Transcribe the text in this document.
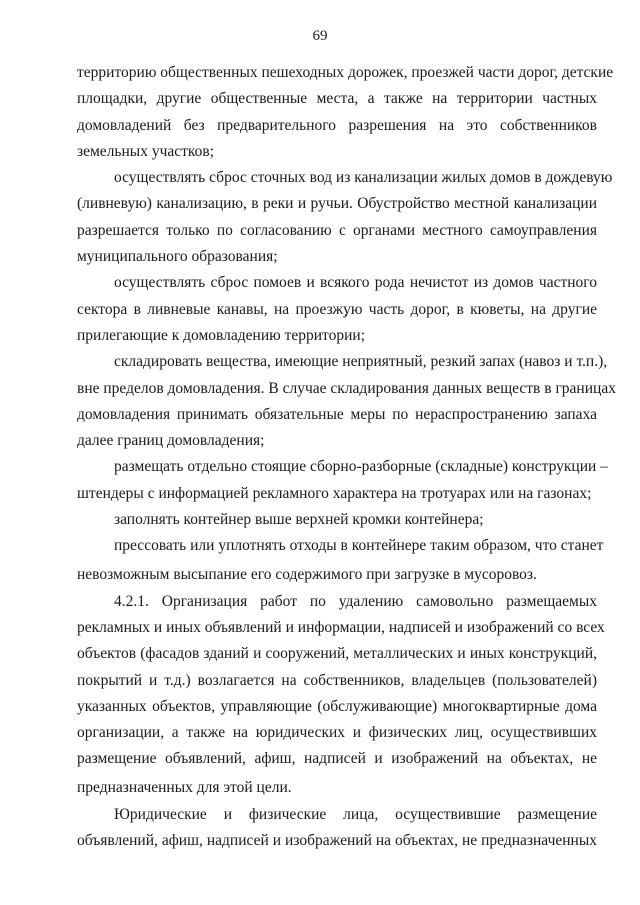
69
территорию общественных пешеходных дорожек, проезжей части дорог, детские
площадки, другие общественные места, а также на территории частных
домовладений без предварительного разрешения на это собственников
земельных участков;
осуществлять сброс сточных вод из канализации жилых домов в дождевую
(ливневую) канализацию, в реки и ручьи. Обустройство местной канализации
разрешается только по согласованию с органами местного самоуправления
муниципального образования;
осуществлять сброс помоев и всякого рода нечистот из домов частного
сектора в ливневые канавы, на проезжую часть дорог, в кюветы, на другие
прилегающие к домовладению территории;
складировать вещества, имеющие неприятный, резкий запах (навоз и т.п.),
вне пределов домовладения. В случае складирования данных веществ в границах
домовладения принимать обязательные меры по нераспространению запаха
далее границ домовладения;
размещать отдельно стоящие сборно-разборные (складные) конструкции –
штендеры с информацией рекламного характера на тротуарах или на газонах;
заполнять контейнер выше верхней кромки контейнера;
прессовать или уплотнять отходы в контейнере таким образом, что станет
невозможным высыпание его содержимого при загрузке в мусоровоз.
4.2.1. Организация работ по удалению самовольно размещаемых
рекламных и иных объявлений и информации, надписей и изображений со всех
объектов (фасадов зданий и сооружений, металлических и иных конструкций,
покрытий и т.д.) возлагается на собственников, владельцев (пользователей)
указанных объектов, управляющие (обслуживающие) многоквартирные дома
организации, а также на юридических и физических лиц, осуществивших
размещение объявлений, афиш, надписей и изображений на объектах, не
предназначенных для этой цели.
Юридические и физические лица, осуществившие размещение
объявлений, афиш, надписей и изображений на объектах, не предназначенных
